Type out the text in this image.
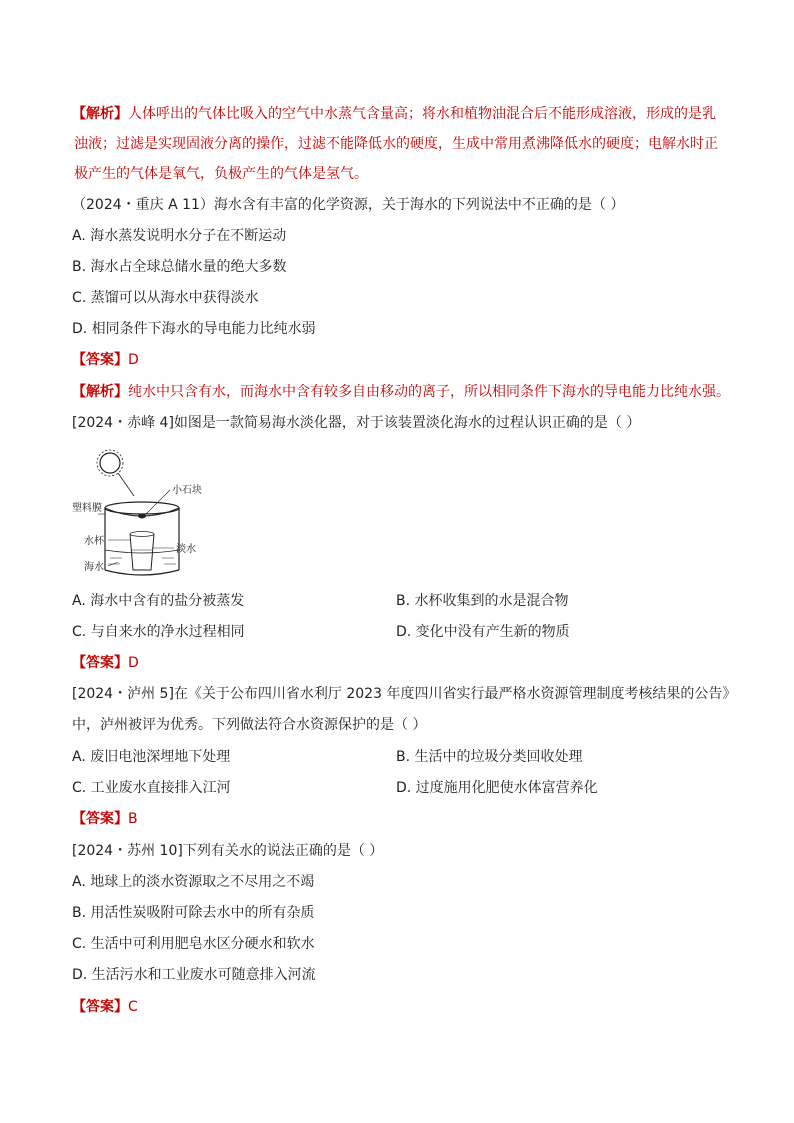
【解析】人体呼出的气体比吸入的空气中水蒸气含量高；将水和植物油混合后不能形成溶液，形成的是乳
浊液；过滤是实现固液分离的操作，过滤不能降低水的硬度，生成中常用煮沸降低水的硬度；电解水时正
极产生的气体是氧气，负极产生的气体是氢气。
（2024・重庆 A 11）海水含有丰富的化学资源，关于海水的下列说法中不正确的是（ ）
A. 海水蒸发说明水分子在不断运动
B. 海水占全球总储水量的绝大多数
C. 蒸馏可以从海水中获得淡水
D. 相同条件下海水的导电能力比纯水弱
【答案】D
【解析】纯水中只含有水，而海水中含有较多自由移动的离子，所以相同条件下海水的导电能力比纯水强。
[2024・赤峰 4]如图是一款简易海水淡化器，对于该装置淡化海水的过程认识正确的是（ ）
小石块
塑料膜
水杯
淡水
海水
A. 海水中含有的盐分被蒸发	B. 水杯收集到的水是混合物
C. 与自来水的净水过程相同	D. 变化中没有产生新的物质
【答案】D
[2024・泸州 5]在《关于公布四川省水利厅 2023 年度四川省实行最严格水资源管理制度考核结果的公告》
中，泸州被评为优秀。下列做法符合水资源保护的是（ ）
A. 废旧电池深埋地下处理	B. 生活中的垃圾分类回收处理
C. 工业废水直接排入江河	D. 过度施用化肥使水体富营养化
【答案】B
[2024・苏州 10]下列有关水的说法正确的是（ ）
A. 地球上的淡水资源取之不尽用之不竭
B. 用活性炭吸附可除去水中的所有杂质
C. 生活中可利用肥皂水区分硬水和软水
D. 生活污水和工业废水可随意排入河流
【答案】C
